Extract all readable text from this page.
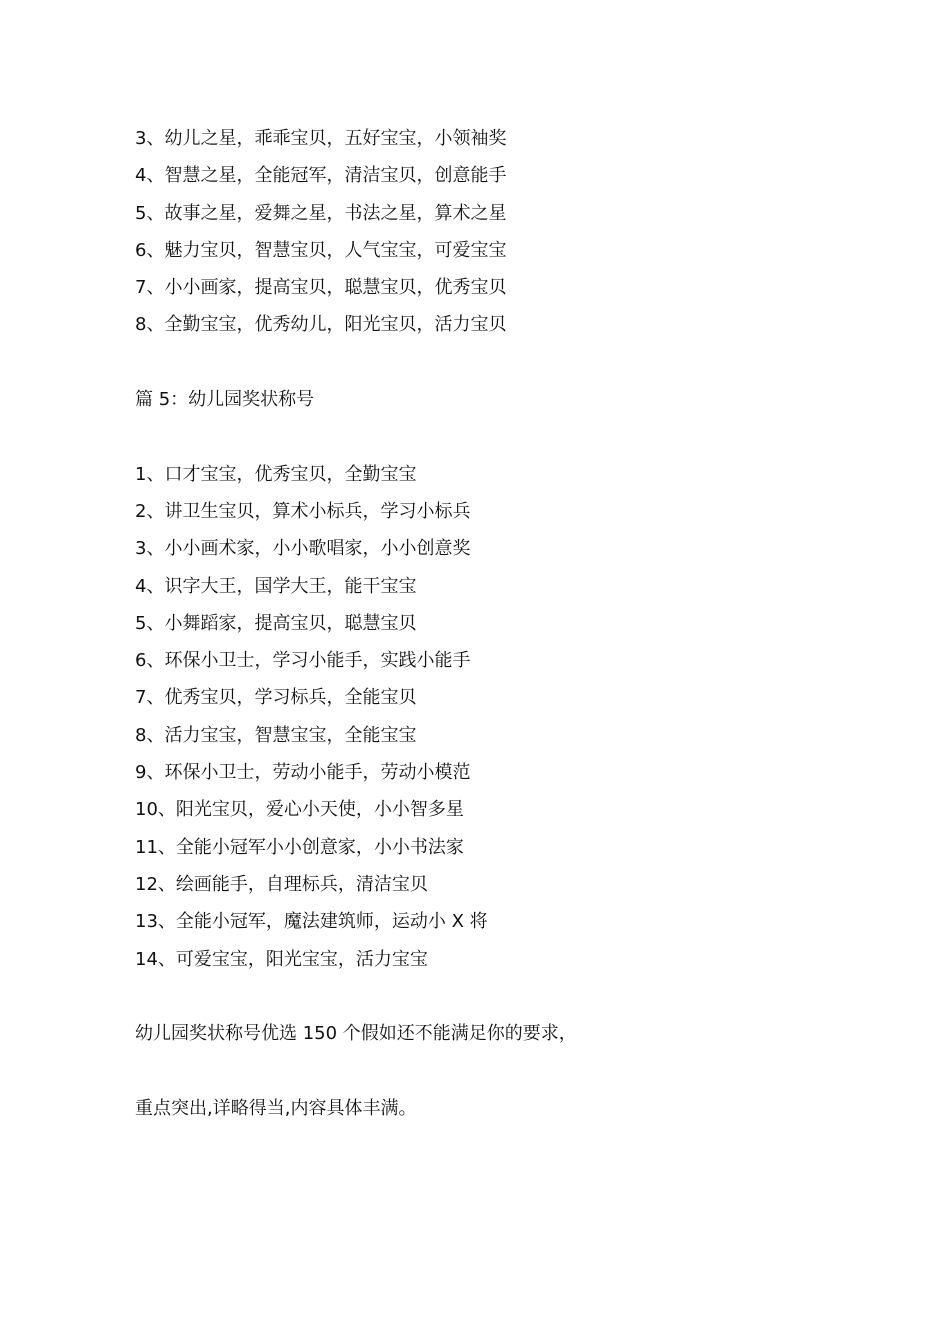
3、幼儿之星，乖乖宝贝，五好宝宝，小领袖奖
4、智慧之星，全能冠军，清洁宝贝，创意能手
5、故事之星，爱舞之星，书法之星，算术之星
6、魅力宝贝，智慧宝贝，人气宝宝，可爱宝宝
7、小小画家，提高宝贝，聪慧宝贝，优秀宝贝
8、全勤宝宝，优秀幼儿，阳光宝贝，活力宝贝
篇 5：幼儿园奖状称号
1、口才宝宝，优秀宝贝，全勤宝宝
2、讲卫生宝贝，算术小标兵，学习小标兵
3、小小画术家，小小歌唱家，小小创意奖
4、识字大王，国学大王，能干宝宝
5、小舞蹈家，提高宝贝，聪慧宝贝
6、环保小卫士，学习小能手，实践小能手
7、优秀宝贝，学习标兵，全能宝贝
8、活力宝宝，智慧宝宝，全能宝宝
9、环保小卫士，劳动小能手，劳动小模范
10、阳光宝贝，爱心小天使，小小智多星
11、全能小冠军小小创意家，小小书法家
12、绘画能手，自理标兵，清洁宝贝
13、全能小冠军，魔法建筑师，运动小 X 将
14、可爱宝宝，阳光宝宝，活力宝宝
幼儿园奖状称号优选 150 个假如还不能满足你的要求，
重点突出,详略得当,内容具体丰满。
